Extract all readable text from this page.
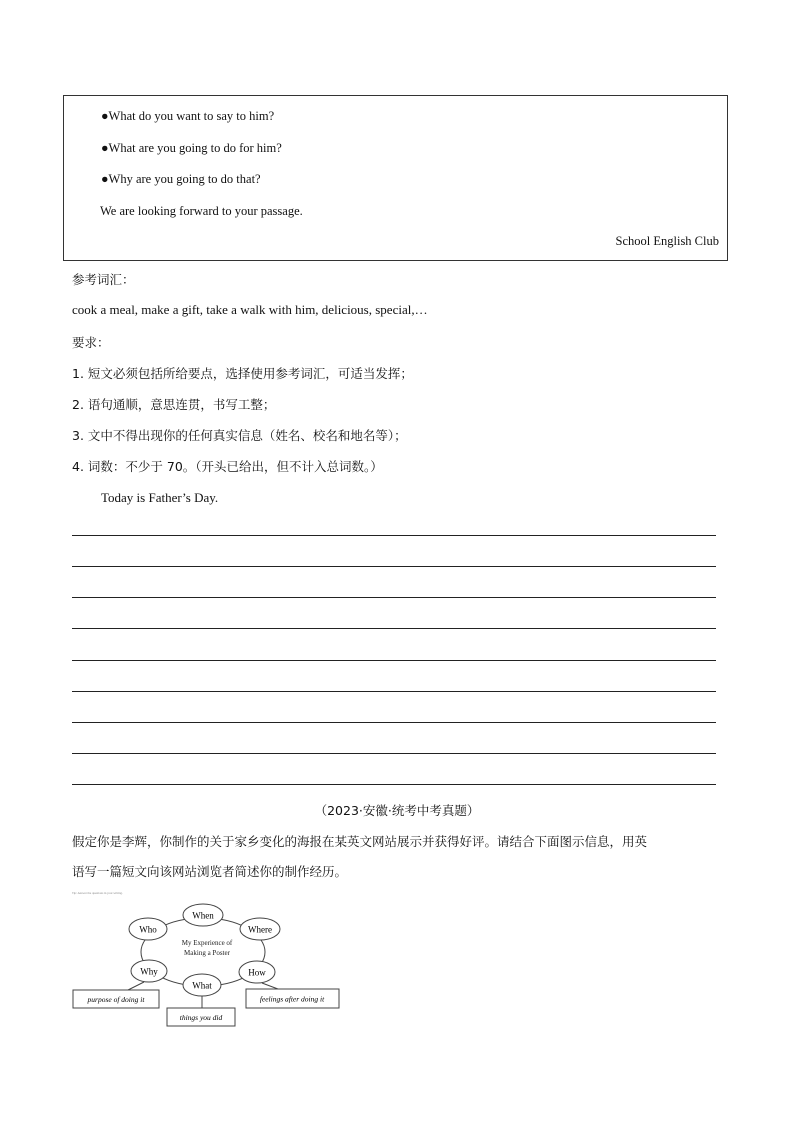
●What do you want to say to him?
●What are you going to do for him?
●Why are you going to do that?
We are looking forward to your passage.
School English Club
参考词汇：
cook a meal, make a gift, take a walk with him, delicious, special,…
要求：
1. 短文必须包括所给要点，选择使用参考词汇，可适当发挥；
2. 语句通顺，意思连贯，书写工整；
3. 文中不得出现你的任何真实信息（姓名、校名和地名等）；
4. 词数：不少于 70。（开头已给出，但不计入总词数。）
Today is Father’s Day.
（2023·安徽·统考中考真题）
假定你是李辉，你制作的关于家乡变化的海报在某英文网站展示并获得好评。请结合下面图示信息，用英
语写一篇短文向该网站浏览者简述你的制作经历。
Tip: Answer the questions in your writing.
My Experience of
Making a Poster
When
Where
How
What
Why
Who
purpose of doing it
things you did
feelings after doing it
